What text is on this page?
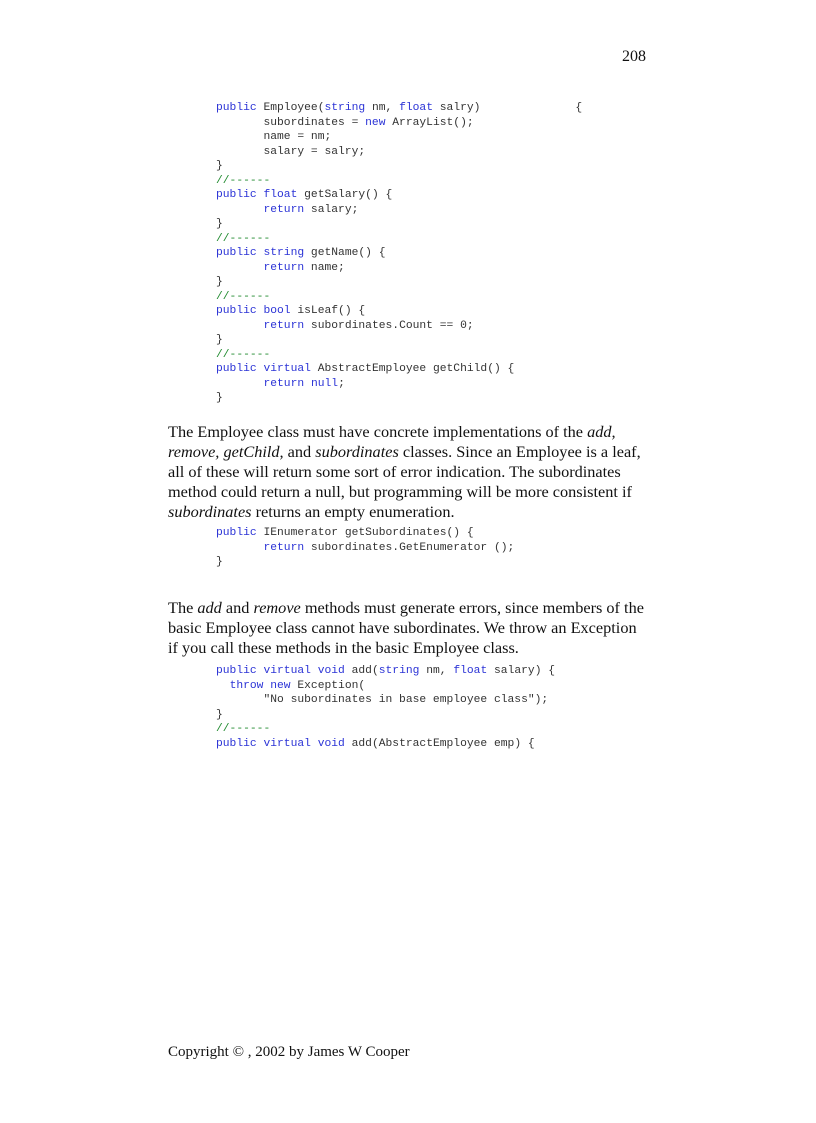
208
public Employee(string nm, float salry)              {
subordinates = new ArrayList();
name = nm;
salary = salry;
}
//------
public float getSalary() {
return salary;
}
//------
public string getName() {
return name;
}
//------
public bool isLeaf() {
return subordinates.Count == 0;
}
//------
public virtual AbstractEmployee getChild() {
return null;
}

The Employee class must have concrete implementations of the add, remove, getChild, and subordinates classes. Since an Employee is a leaf, all of these will return some sort of error indication. The subordinates method could return a null, but programming will be more consistent if subordinates returns an empty enumeration.

public IEnumerator getSubordinates() {
return subordinates.GetEnumerator ();
}

The add and remove methods must generate errors, since members of the basic Employee class cannot have subordinates. We throw an Exception if you call these methods in the basic Employee class.

public virtual void add(string nm, float salary) {
throw new Exception(
"No subordinates in base employee class");
}
//------
public virtual void add(AbstractEmployee emp) {
Copyright © , 2002 by James W Cooper
